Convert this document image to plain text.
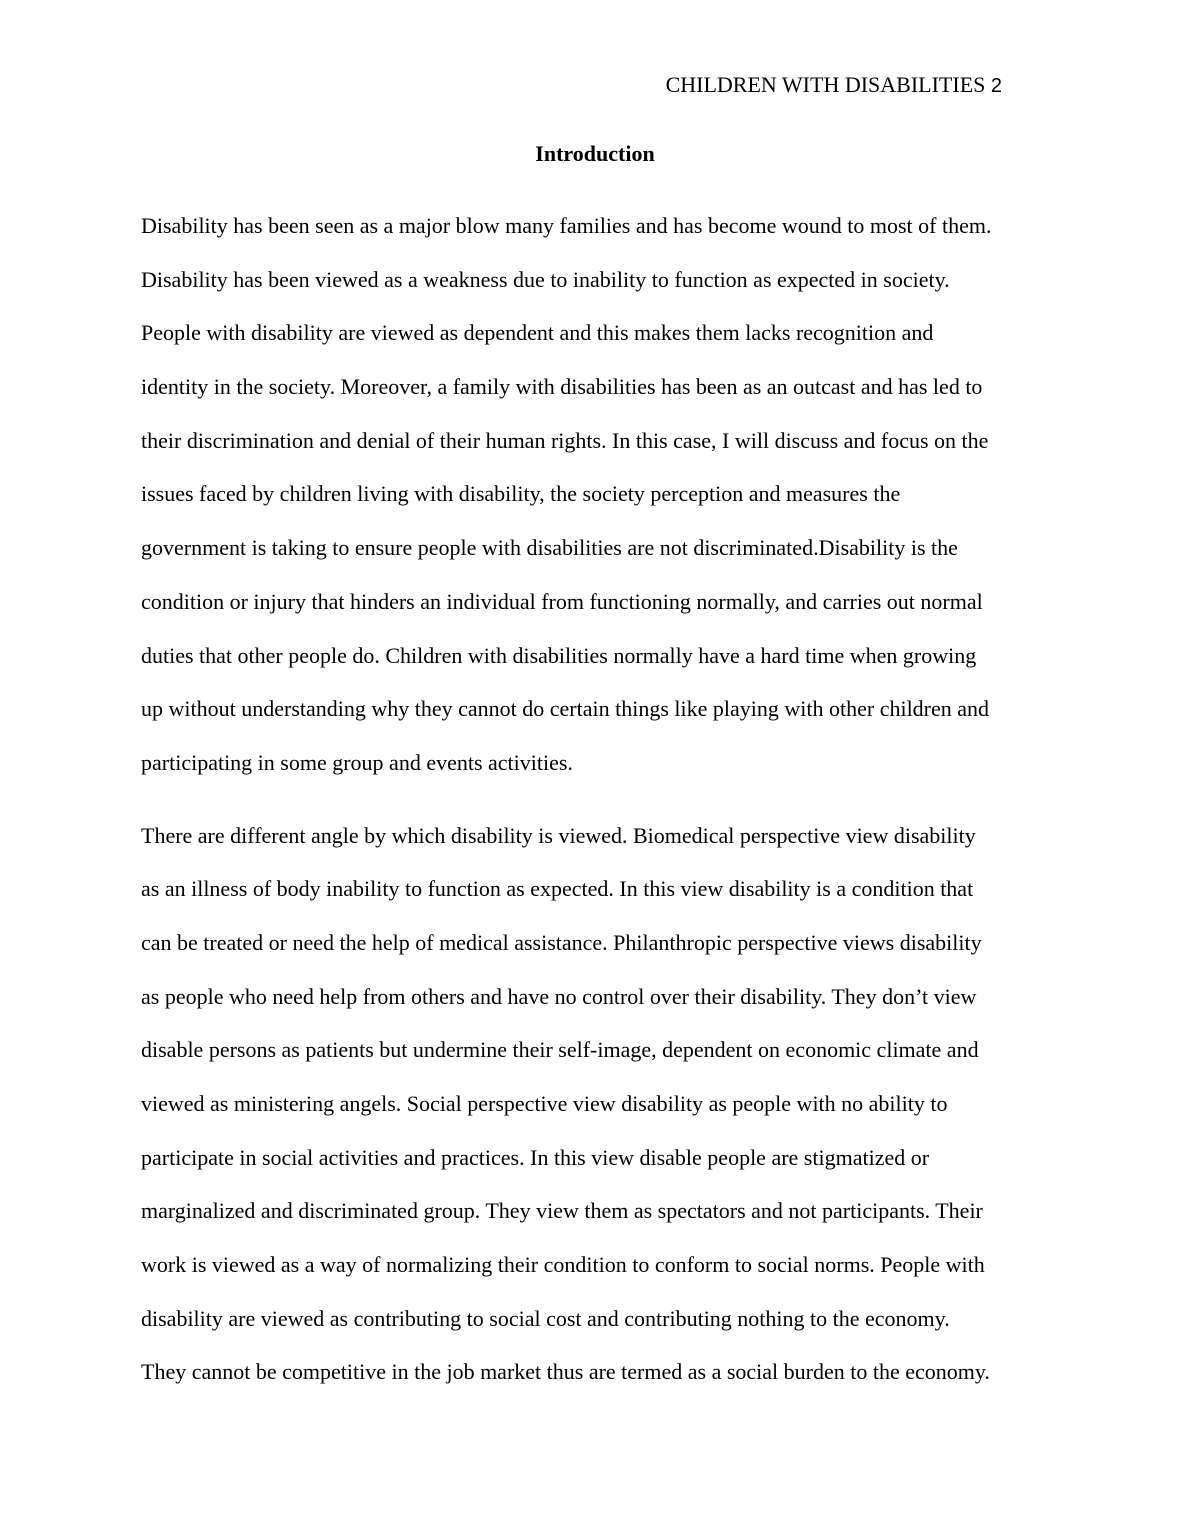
CHILDREN WITH DISABILITIES 2
Introduction
Disability has been seen as a major blow many families and has become wound to most of them.
Disability has been viewed as a weakness due to inability to function as expected in society.
People with disability are viewed as dependent and this makes them lacks recognition and
identity in the society. Moreover, a family with disabilities has been as an outcast and has led to
their discrimination and denial of their human rights. In this case, I will discuss and focus on the
issues faced by children living with disability, the society perception and measures the
government is taking to ensure people with disabilities are not discriminated.Disability is the
condition or injury that hinders an individual from functioning normally, and carries out normal
duties that other people do. Children with disabilities normally have a hard time when growing
up without understanding why they cannot do certain things like playing with other children and
participating in some group and events activities.
There are different angle by which disability is viewed. Biomedical perspective view disability
as an illness of body inability to function as expected. In this view disability is a condition that
can be treated or need the help of medical assistance. Philanthropic perspective views disability
as people who need help from others and have no control over their disability. They don’t view
disable persons as patients but undermine their self-image, dependent on economic climate and
viewed as ministering angels. Social perspective view disability as people with no ability to
participate in social activities and practices. In this view disable people are stigmatized or
marginalized and discriminated group. They view them as spectators and not participants. Their
work is viewed as a way of normalizing their condition to conform to social norms. People with
disability are viewed as contributing to social cost and contributing nothing to the economy.
They cannot be competitive in the job market thus are termed as a social burden to the economy.
